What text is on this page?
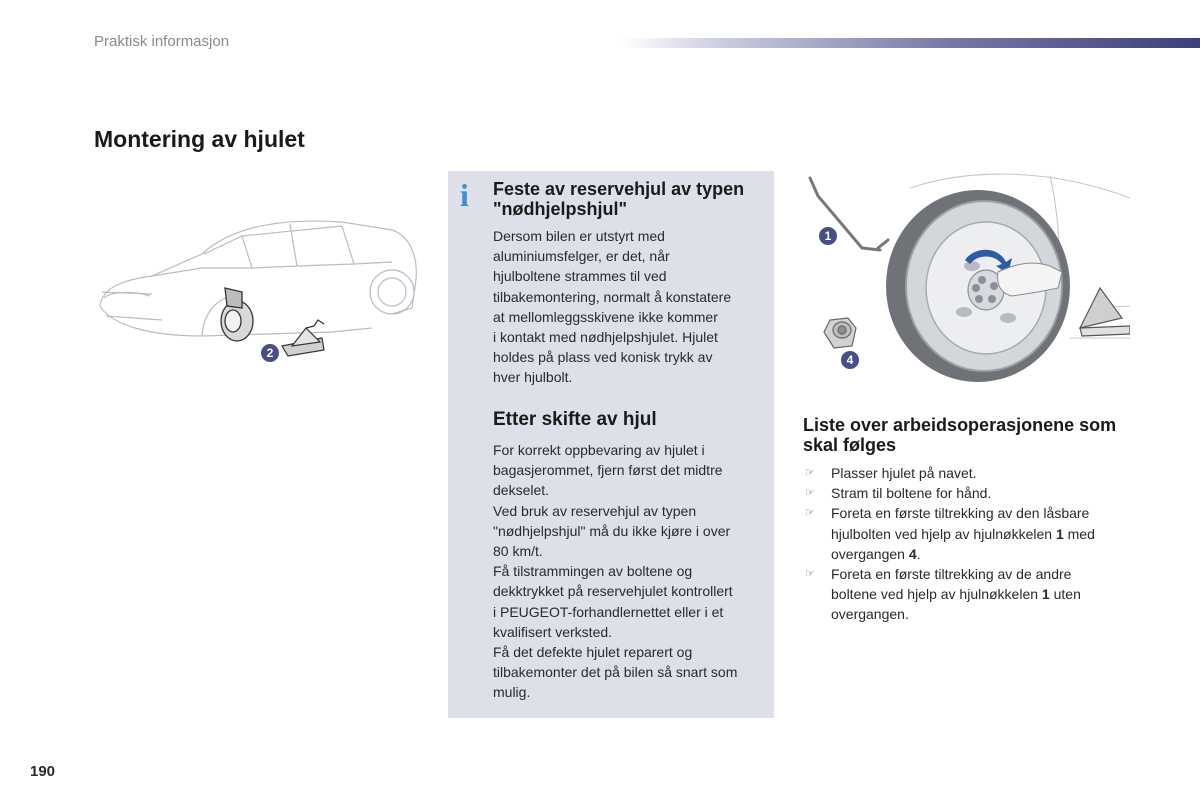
Praktisk informasjon
Montering av hjulet
2
i Feste av reservehjul av typen "nødhjelpshjul"

Dersom bilen er utstyrt med
aluminiumsfelger, er det, når
hjulboltene strammes til ved
tilbakemontering, normalt å konstatere
at mellomleggsskivene ikke kommer
i kontakt med nødhjelpshjulet. Hjulet
holdes på plass ved konisk trykk av
hver hjulbolt.

Etter skifte av hjul

For korrekt oppbevaring av hjulet i
bagasjerommet, fjern først det midtre
dekselet.
Ved bruk av reservehjul av typen
"nødhjelpshjul" må du ikke kjøre i over
80 km/t.
Få tilstrammingen av boltene og
dekktrykket på reservehjulet kontrollert
i PEUGEOT-forhandlernettet eller i et
kvalifisert verksted.
Få det defekte hjulet reparert og
tilbakemonter det på bilen så snart som
mulig.

1
4
Liste over arbeidsoperasjonene som skal følges
☞ Plasser hjulet på navet.
☞ Stram til boltene for hånd.
☞ Foreta en første tiltrekking av den låsbare
hjulbolten ved hjelp av hjulnøkkelen 1 med
overgangen 4.
☞ Foreta en første tiltrekking av de andre
boltene ved hjelp av hjulnøkkelen 1 uten
overgangen.
190
